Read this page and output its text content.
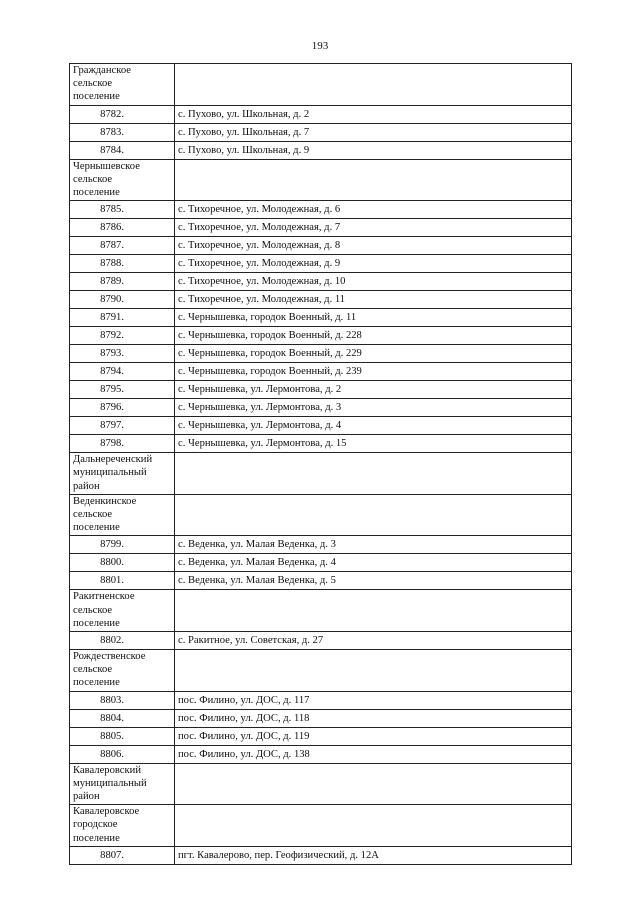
193
Гражданское
сельское
поселение	

8782.	с. Пухово, ул. Школьная, д. 2
8783.	с. Пухово, ул. Школьная, д. 7
8784.	с. Пухово, ул. Школьная, д. 9

Чернышевское
сельское
поселение	

8785.	с. Тихоречное, ул. Молодежная, д. 6
8786.	с. Тихоречное, ул. Молодежная, д. 7
8787.	с. Тихоречное, ул. Молодежная, д. 8
8788.	с. Тихоречное, ул. Молодежная, д. 9
8789.	с. Тихоречное, ул. Молодежная, д. 10
8790.	с. Тихоречное, ул. Молодежная, д. 11
8791.	с. Чернышевка, городок Военный, д. 11
8792.	с. Чернышевка, городок Военный, д. 228
8793.	с. Чернышевка, городок Военный, д. 229
8794.	с. Чернышевка, городок Военный, д. 239
8795.	с. Чернышевка, ул. Лермонтова, д. 2
8796.	с. Чернышевка, ул. Лермонтова, д. 3
8797.	с. Чернышевка, ул. Лермонтова, д. 4
8798.	с. Чернышевка, ул. Лермонтова, д. 15

Дальнереченский
муниципальный
район	

Веденкинское
сельское
поселение	

8799.	с. Веденка, ул. Малая Веденка, д. 3
8800.	с. Веденка, ул. Малая Веденка, д. 4
8801.	с. Веденка, ул. Малая Веденка, д. 5

Ракитненское
сельское
поселение	

8802.	с. Ракитное, ул. Советская, д. 27

Рождественское
сельское
поселение	

8803.	пос. Филино, ул. ДОС, д. 117
8804.	пос. Филино, ул. ДОС, д. 118
8805.	пос. Филино, ул. ДОС, д. 119
8806.	пос. Филино, ул. ДОС, д. 138

Кавалеровский
муниципальный
район	

Кавалеровское
городское
поселение	

8807.	пгт. Кавалерово, пер. Геофизический, д. 12А
